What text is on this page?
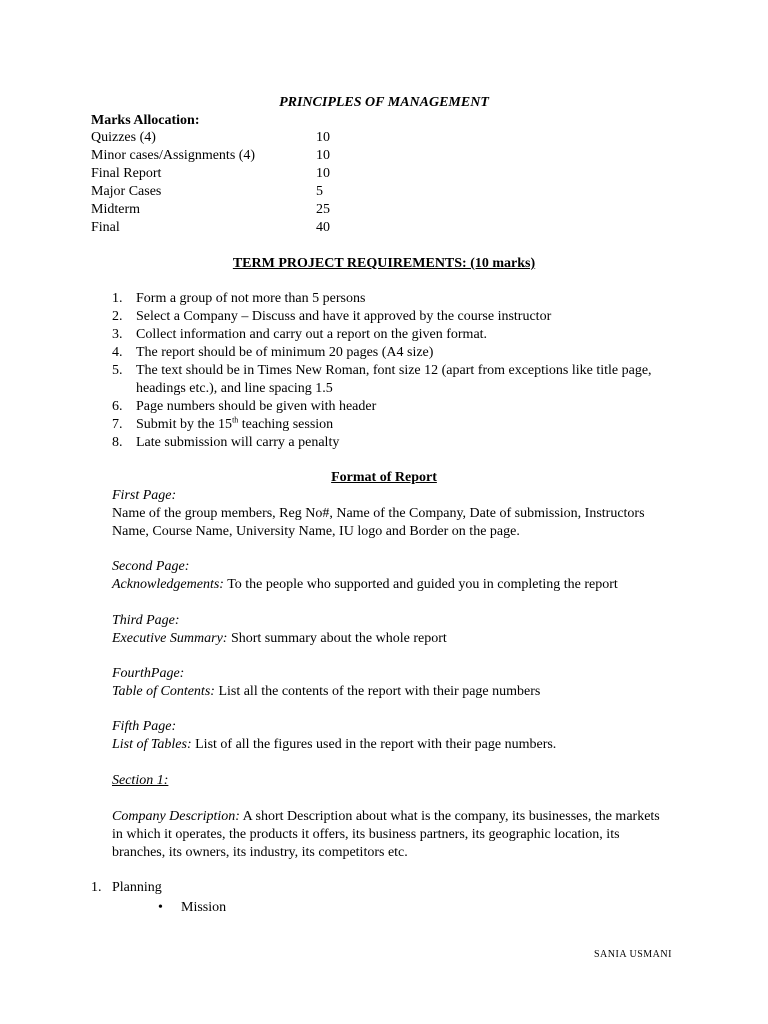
PRINCIPLES OF MANAGEMENT
Marks Allocation:
Quizzes (4)	10
Minor cases/Assignments (4)	10
Final Report	10
Major Cases	5
Midterm	25
Final	40
TERM PROJECT REQUIREMENTS: (10 marks)
1. Form a group of not more than 5 persons
2. Select a Company – Discuss and have it approved by the course instructor
3. Collect information and carry out a report on the given format.
4. The report should be of minimum 20 pages (A4 size)
5. The text should be in Times New Roman, font size 12 (apart from exceptions like title page, headings etc.), and line spacing 1.5
6. Page numbers should be given with header
7. Submit by the 15th teaching session
8. Late submission will carry a penalty
Format of Report
First Page:
Name of the group members, Reg No#, Name of the Company, Date of submission, Instructors Name, Course Name, University Name, IU logo and Border on the page.
Second Page:
Acknowledgements: To the people who supported and guided you in completing the report
Third Page:
Executive Summary: Short summary about the whole report
FourthPage:
Table of Contents: List all the contents of the report with their page numbers
Fifth Page:
List of Tables: List of all the figures used in the report with their page numbers.
Section 1:
Company Description: A short Description about what is the company, its businesses, the markets in which it operates, the products it offers, its business partners, its geographic location, its branches, its owners, its industry, its competitors etc.
1. Planning
•	Mission
SANIA USMANI
